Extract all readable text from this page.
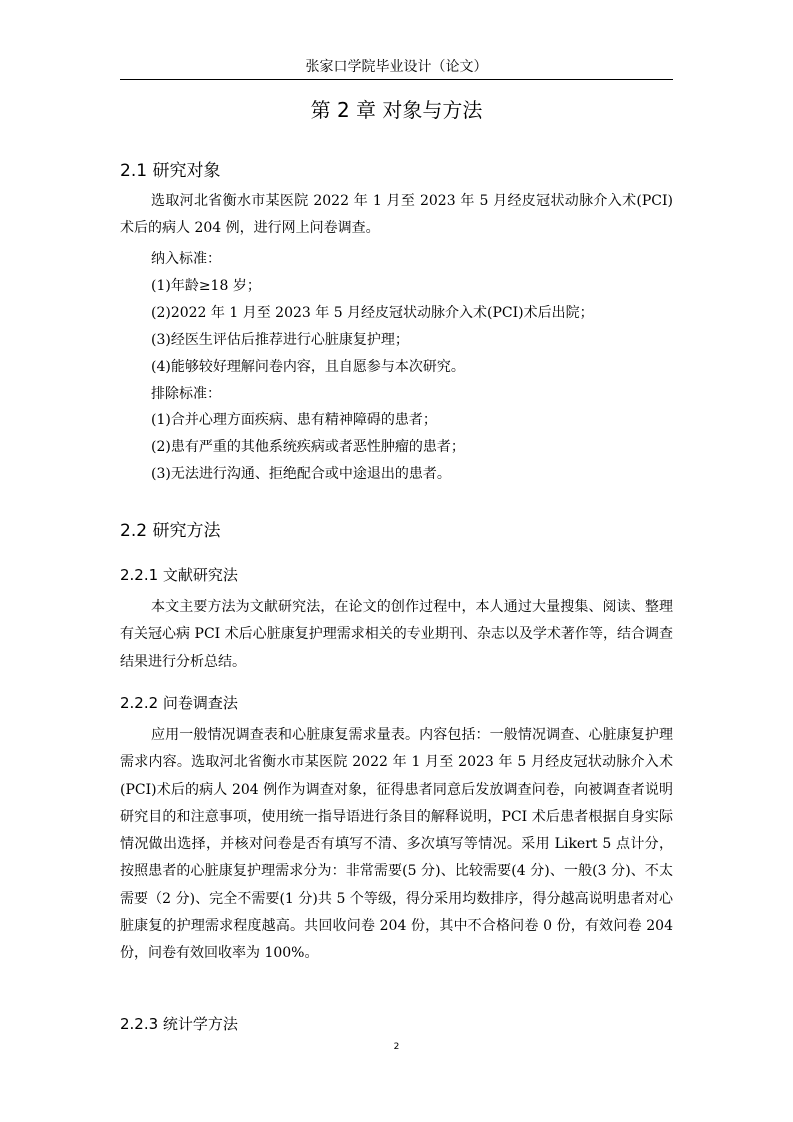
张家口学院毕业设计（论文）
第 2 章 对象与方法
2.1 研究对象

选取河北省衡水市某医院 2022 年 1 月至 2023 年 5 月经皮冠状动脉介入术(PCI)术后的病人 204 例，进行网上问卷调查。

纳入标准：
(1)年龄≥18 岁；
(2)2022 年 1 月至 2023 年 5 月经皮冠状动脉介入术(PCI)术后出院；
(3)经医生评估后推荐进行心脏康复护理；
(4)能够较好理解问卷内容，且自愿参与本次研究。
排除标准：
(1)合并心理方面疾病、患有精神障碍的患者；
(2)患有严重的其他系统疾病或者恶性肿瘤的患者；
(3)无法进行沟通、拒绝配合或中途退出的患者。
2.2 研究方法
2.2.1 文献研究法

本文主要方法为文献研究法，在论文的创作过程中，本人通过大量搜集、阅读、整理有关冠心病 PCI 术后心脏康复护理需求相关的专业期刊、杂志以及学术著作等，结合调查结果进行分析总结。

2.2.2 问卷调查法

应用一般情况调查表和心脏康复需求量表。内容包括：一般情况调查、心脏康复护理需求内容。选取河北省衡水市某医院 2022 年 1 月至 2023 年 5 月经皮冠状动脉介入术(PCI)术后的病人 204 例作为调查对象，征得患者同意后发放调查问卷，向被调查者说明研究目的和注意事项，使用统一指导语进行条目的解释说明，PCI 术后患者根据自身实际情况做出选择，并核对问卷是否有填写不清、多次填写等情况。采用 Likert 5 点计分，按照患者的心脏康复护理需求分为：非常需要(5 分)、比较需要(4 分)、一般(3 分)、不太需要（2 分)、完全不需要(1 分)共 5 个等级，得分采用均数排序，得分越高说明患者对心脏康复的护理需求程度越高。共回收问卷 204 份，其中不合格问卷 0 份，有效问卷 204 份，问卷有效回收率为 100%。

2.2.3 统计学方法
2
